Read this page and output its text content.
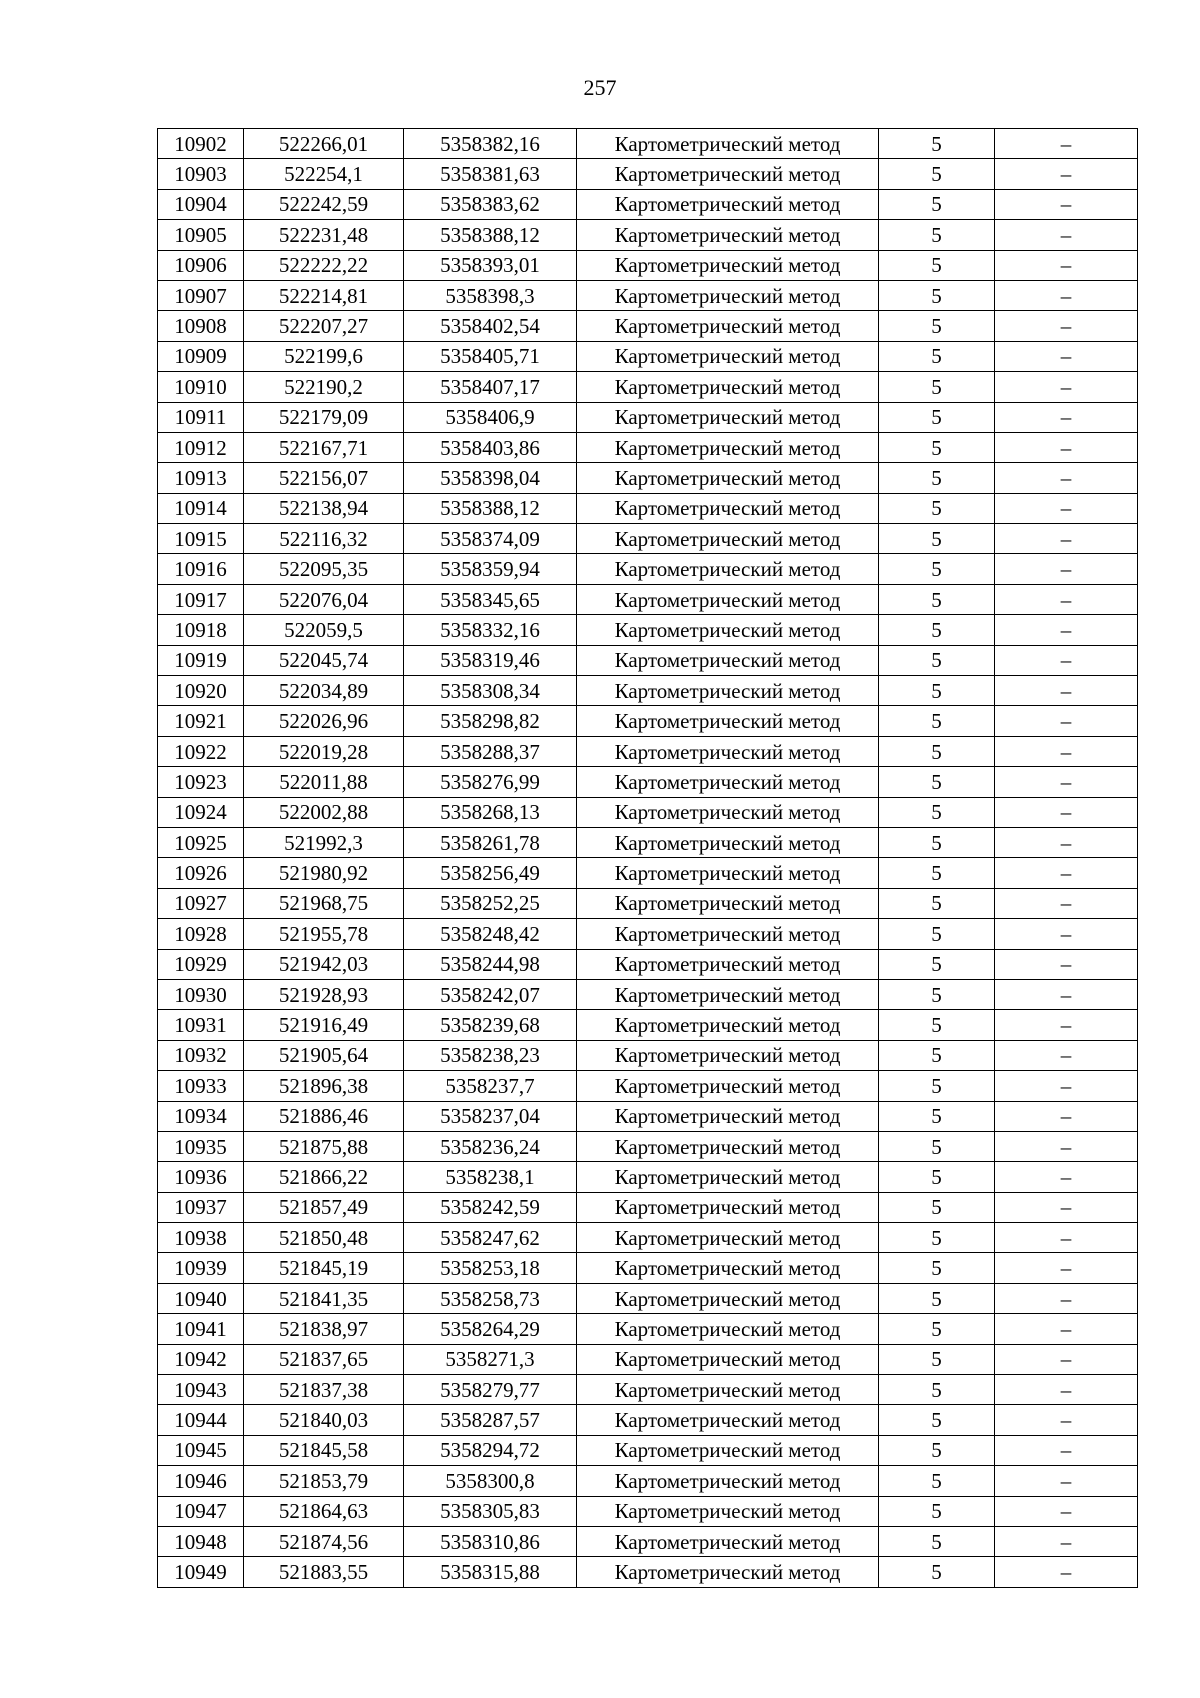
257
10902	522266,01	5358382,16	Картометрический метод	5	–
10903	522254,1	5358381,63	Картометрический метод	5	–
10904	522242,59	5358383,62	Картометрический метод	5	–
10905	522231,48	5358388,12	Картометрический метод	5	–
10906	522222,22	5358393,01	Картометрический метод	5	–
10907	522214,81	5358398,3	Картометрический метод	5	–
10908	522207,27	5358402,54	Картометрический метод	5	–
10909	522199,6	5358405,71	Картометрический метод	5	–
10910	522190,2	5358407,17	Картометрический метод	5	–
10911	522179,09	5358406,9	Картометрический метод	5	–
10912	522167,71	5358403,86	Картометрический метод	5	–
10913	522156,07	5358398,04	Картометрический метод	5	–
10914	522138,94	5358388,12	Картометрический метод	5	–
10915	522116,32	5358374,09	Картометрический метод	5	–
10916	522095,35	5358359,94	Картометрический метод	5	–
10917	522076,04	5358345,65	Картометрический метод	5	–
10918	522059,5	5358332,16	Картометрический метод	5	–
10919	522045,74	5358319,46	Картометрический метод	5	–
10920	522034,89	5358308,34	Картометрический метод	5	–
10921	522026,96	5358298,82	Картометрический метод	5	–
10922	522019,28	5358288,37	Картометрический метод	5	–
10923	522011,88	5358276,99	Картометрический метод	5	–
10924	522002,88	5358268,13	Картометрический метод	5	–
10925	521992,3	5358261,78	Картометрический метод	5	–
10926	521980,92	5358256,49	Картометрический метод	5	–
10927	521968,75	5358252,25	Картометрический метод	5	–
10928	521955,78	5358248,42	Картометрический метод	5	–
10929	521942,03	5358244,98	Картометрический метод	5	–
10930	521928,93	5358242,07	Картометрический метод	5	–
10931	521916,49	5358239,68	Картометрический метод	5	–
10932	521905,64	5358238,23	Картометрический метод	5	–
10933	521896,38	5358237,7	Картометрический метод	5	–
10934	521886,46	5358237,04	Картометрический метод	5	–
10935	521875,88	5358236,24	Картометрический метод	5	–
10936	521866,22	5358238,1	Картометрический метод	5	–
10937	521857,49	5358242,59	Картометрический метод	5	–
10938	521850,48	5358247,62	Картометрический метод	5	–
10939	521845,19	5358253,18	Картометрический метод	5	–
10940	521841,35	5358258,73	Картометрический метод	5	–
10941	521838,97	5358264,29	Картометрический метод	5	–
10942	521837,65	5358271,3	Картометрический метод	5	–
10943	521837,38	5358279,77	Картометрический метод	5	–
10944	521840,03	5358287,57	Картометрический метод	5	–
10945	521845,58	5358294,72	Картометрический метод	5	–
10946	521853,79	5358300,8	Картометрический метод	5	–
10947	521864,63	5358305,83	Картометрический метод	5	–
10948	521874,56	5358310,86	Картометрический метод	5	–
10949	521883,55	5358315,88	Картометрический метод	5	–
